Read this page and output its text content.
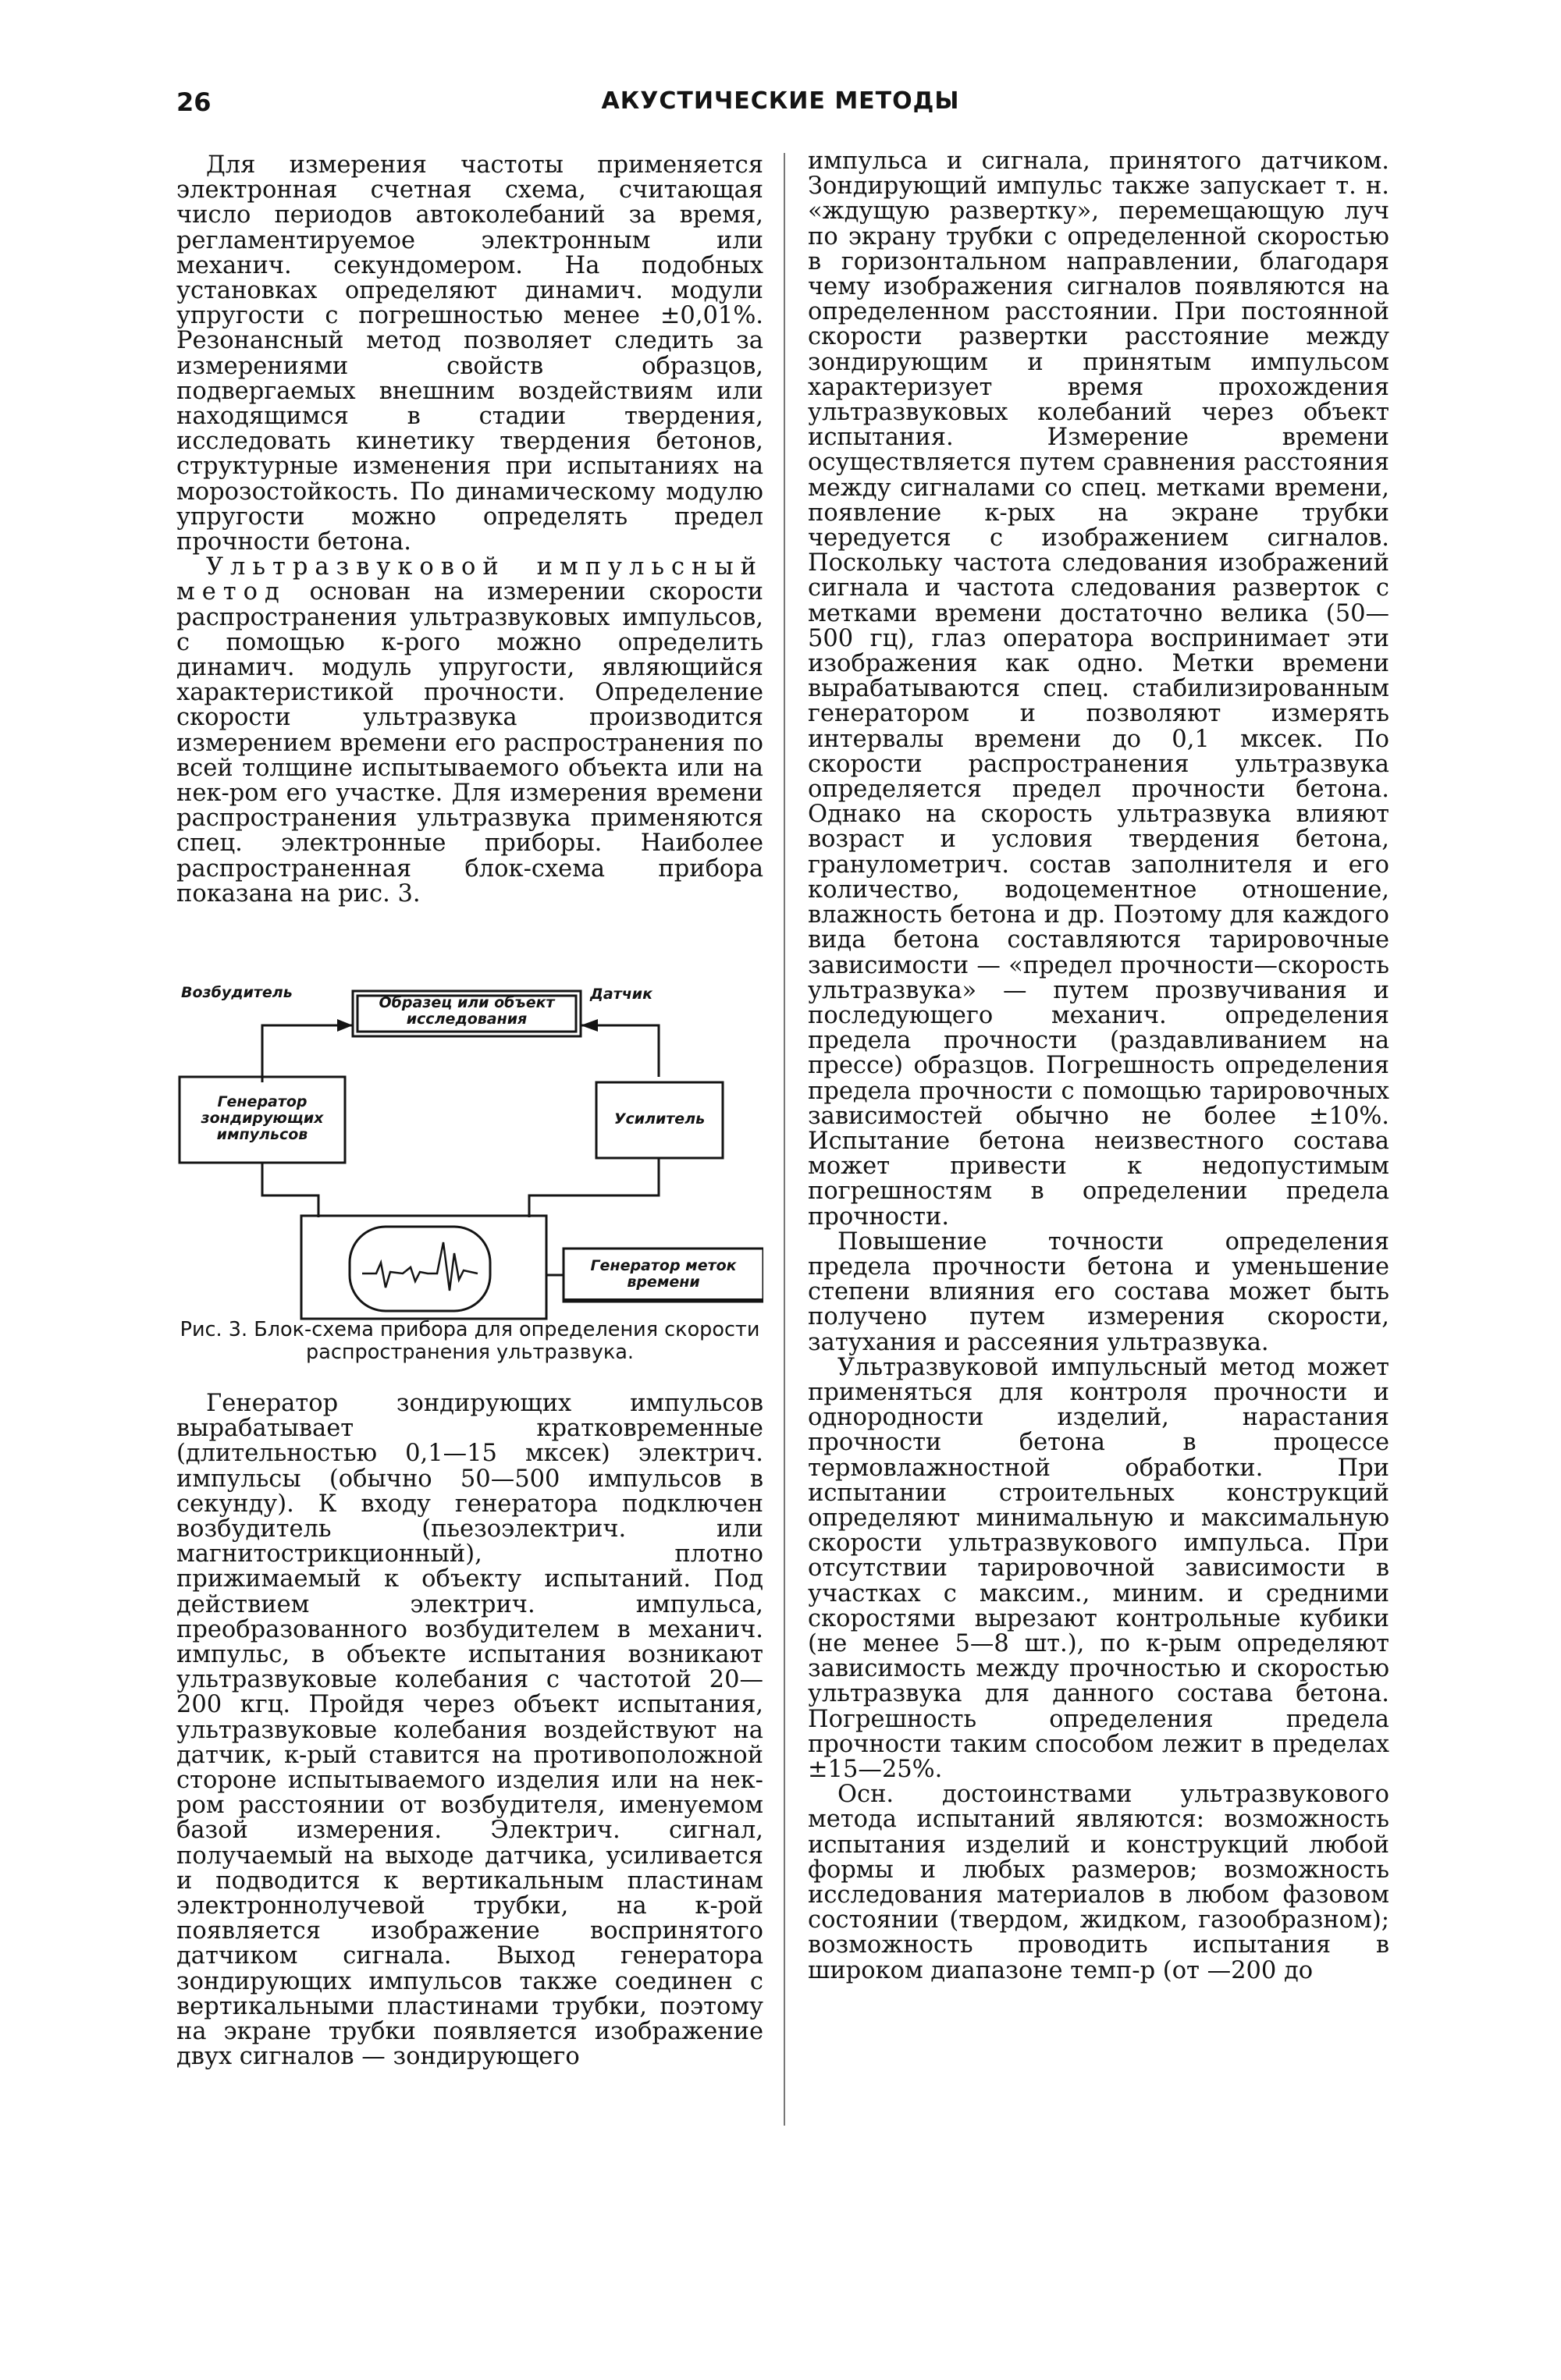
26	АКУСТИЧЕСКИЕ МЕТОДЫ

Для измерения частоты применяется электронная счетная схема, считающая число периодов автоколебаний за время, регламентируемое электронным или механич. секундомером. На подобных установках определяют динамич. модули упругости с погрешностью менее ±0,01%. Резонансный метод позволяет следить за измерениями свойств образцов, подвергаемых внешним воздействиям или находящимся в стадии твердения, исследовать кинетику твердения бетонов, структурные изменения при испытаниях на морозостойкость. По динамическому модулю упругости можно определять предел прочности бетона.

Ультразвуковой импульсный метод основан на измерении скорости распространения ультразвуковых импульсов, с помощью к-рого можно определить динамич. модуль упругости, являющийся характеристикой прочности. Определение скорости ультразвука производится измерением времени его распространения по всей толщине испытываемого объекта или на нек-ром его участке. Для измерения времени распространения ультразвука применяются спец. электронные приборы. Наиболее распространенная блок-схема прибора показана на рис. 3.

Возбудитель
Образец или объект исследования
Датчик
Генератор зондирующих импульсов
Усилитель
Генератор меток времени
Рис. 3. Блок-схема прибора для определения скорости распространения ультразвука.

Генератор зондирующих импульсов вырабатывает кратковременные (длительностью 0,1—15 мксек) электрич. импульсы (обычно 50—500 импульсов в секунду). К входу генератора подключен возбудитель (пьезоэлектрич. или магнитострикционный), плотно прижимаемый к объекту испытаний. Под действием электрич. импульса, преобразованного возбудителем в механич. импульс, в объекте испытания возникают ультразвуковые колебания с частотой 20—200 кгц. Пройдя через объект испытания, ультразвуковые колебания воздействуют на датчик, к-рый ставится на противоположной стороне испытываемого изделия или на нек-ром расстоянии от возбудителя, именуемом базой измерения. Электрич. сигнал, получаемый на выходе датчика, усиливается и подводится к вертикальным пластинам электроннолучевой трубки, на к-рой появляется изображение воспринятого датчиком сигнала. Выход генератора зондирующих импульсов также соединен с вертикальными пластинами трубки, поэтому на экране трубки появляется изображение двух сигналов — зондирующего

импульса и сигнала, принятого датчиком. Зондирующий импульс также запускает т. н. «ждущую развертку», перемещающую луч по экрану трубки с определенной скоростью в горизонтальном направлении, благодаря чему изображения сигналов появляются на определенном расстоянии. При постоянной скорости развертки расстояние между зондирующим и принятым импульсом характеризует время прохождения ультразвуковых колебаний через объект испытания. Измерение времени осуществляется путем сравнения расстояния между сигналами со спец. метками времени, появление к-рых на экране трубки чередуется с изображением сигналов. Поскольку частота следования изображений сигнала и частота следования разверток с метками времени достаточно велика (50—500 гц), глаз оператора воспринимает эти изображения как одно. Метки времени вырабатываются спец. стабилизированным генератором и позволяют измерять интервалы времени до 0,1 мксек. По скорости распространения ультразвука определяется предел прочности бетона. Однако на скорость ультразвука влияют возраст и условия твердения бетона, гранулометрич. состав заполнителя и его количество, водоцементное отношение, влажность бетона и др. Поэтому для каждого вида бетона составляются тарировочные зависимости — «предел прочности—скорость ультразвука» — путем прозвучивания и последующего механич. определения предела прочности (раздавливанием на прессе) образцов. Погрешность определения предела прочности с помощью тарировочных зависимостей обычно не более ±10%. Испытание бетона неизвестного состава может привести к недопустимым погрешностям в определении предела прочности.

Повышение точности определения предела прочности бетона и уменьшение степени влияния его состава может быть получено путем измерения скорости, затухания и рассеяния ультразвука.

Ультразвуковой импульсный метод может применяться для контроля прочности и однородности изделий, нарастания прочности бетона в процессе термовлажностной обработки. При испытании строительных конструкций определяют минимальную и максимальную скорости ультразвукового импульса. При отсутствии тарировочной зависимости в участках с максим., миним. и средними скоростями вырезают контрольные кубики (не менее 5—8 шт.), по к-рым определяют зависимость между прочностью и скоростью ультразвука для данного состава бетона. Погрешность определения предела прочности таким способом лежит в пределах ±15—25%.

Осн. достоинствами ультразвукового метода испытаний являются: возможность испытания изделий и конструкций любой формы и любых размеров; возможность исследования материалов в любом фазовом состоянии (твердом, жидком, газообразном); возможность проводить испытания в широком диапазоне темп-р (от —200 до
